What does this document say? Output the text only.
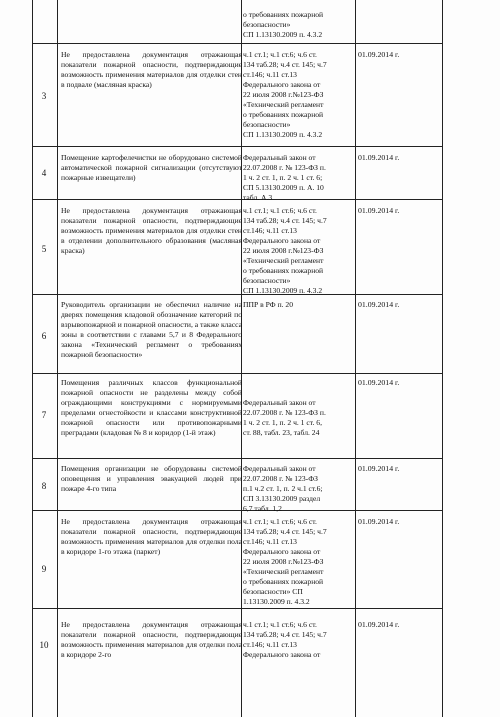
о требованиях пожарной
безопасности»
СП 1.13130.2009 п. 4.3.2
3
Не предоставлена документация отражающая показатели пожарной опасности, подтверждающие возможность применения материалов для отделки стен в подвале (масляная краска)
ч.1 ст.1; ч.1 ст.6; ч.6 ст.
134 таб.28; ч.4 ст. 145; ч.7
ст.146; ч.11 ст.13
Федерального закона от
22 июля 2008 г.№123-ФЗ
«Технический регламент
о требованиях пожарной
безопасности»
СП 1.13130.2009 п. 4.3.2
01.09.2014 г.
4
Помещение картофелечистки не оборудовано системой автоматической пожарной сигнализации (отсутствуют пожарные извещатели)
Федеральный закон от
22.07.2008 г. № 123-ФЗ п.
1 ч. 2 ст. 1, п. 2 ч. 1 ст. 6;
СП 5.13130.2009 п. А. 10
табл. А.3
01.09.2014 г.
5
Не предоставлена документация отражающая показатели пожарной опасности, подтверждающие возможность применения материалов для отделки стен в отделении дополнительного образования (масляная краска)
ч.1 ст.1; ч.1 ст.6; ч.6 ст.
134 таб.28; ч.4 ст. 145; ч.7
ст.146; ч.11 ст.13
Федерального закона от
22 июля 2008 г.№123-ФЗ
«Технический регламент
о требованиях пожарной
безопасности»
СП 1.13130.2009 п. 4.3.2
01.09.2014 г.
6
Руководитель организации не обеспечил наличие на дверях помещения кладовой обозначение категорий по взрывопожарной и пожарной опасности, а также класса зоны в соответствии с главами 5,7 и 8 Федерального закона «Технический регламент о требованиях пожарной безопасности»
ППР в РФ п. 20	01.09.2014 г.
7
Помещения различных классов функциональной пожарной опасности не разделены между собой ограждающими конструкциями с нормируемыми пределами огнестойкости и классами конструктивной пожарной опасности или противопожарными преградами (кладовая № 8 и коридор (1-й этаж)
Федеральный закон от
22.07.2008 г. № 123-ФЗ п.
1 ч. 2 ст. 1, п. 2 ч. 1 ст. 6,
ст. 88, табл. 23, табл. 24
01.09.2014 г.
8
Помещения организации не оборудованы системой оповещения и управления эвакуацией людей при пожаре 4-го типа
Федеральный закон от
22.07.2008 г. № 123-ФЗ
п.1 ч.2 ст. 1, п. 2 ч.1 ст.6;
СП 3.13130.2009 раздел
6,7 табл. 1,2
01.09.2014 г.
9
Не предоставлена документация отражающая показатели пожарной опасности, подтверждающие возможность применения материалов для отделки пола в коридоре 1-го этажа (паркет)
ч.1 ст.1; ч.1 ст.6; ч.6 ст.
134 таб.28; ч.4 ст. 145; ч.7
ст.146; ч.11 ст.13
Федерального закона от
22 июля 2008 г.№123-ФЗ
«Технический регламент
о требованиях пожарной
безопасности» СП
1.13130.2009 п. 4.3.2
01.09.2014 г.
10
Не предоставлена документация отражающая показатели пожарной опасности, подтверждающие возможность применения материалов для отделки пола в коридоре 2-го
ч.1 ст.1; ч.1 ст.6; ч.6 ст.
134 таб.28; ч.4 ст. 145; ч.7
ст.146; ч.11 ст.13
Федерального закона от
01.09.2014 г.
